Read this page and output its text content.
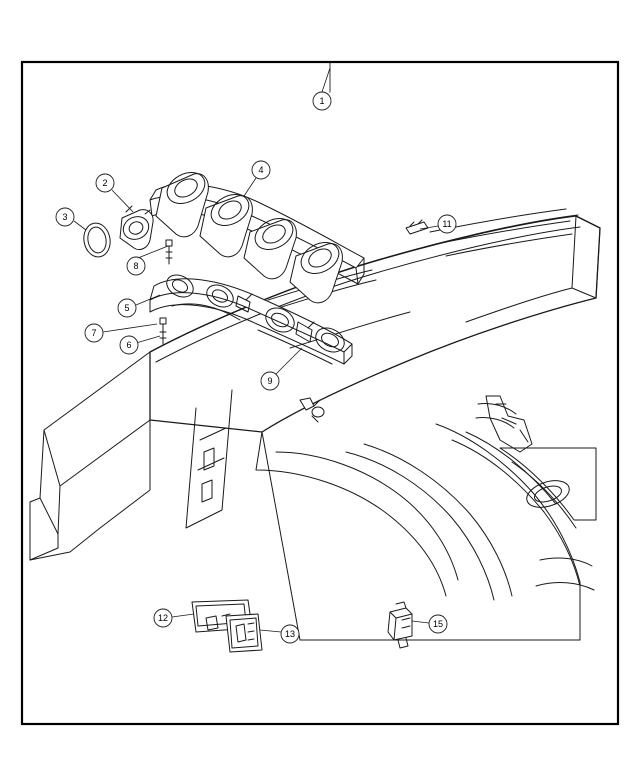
1
2
3
4
5
6
7
8
9
11
12
13
15
